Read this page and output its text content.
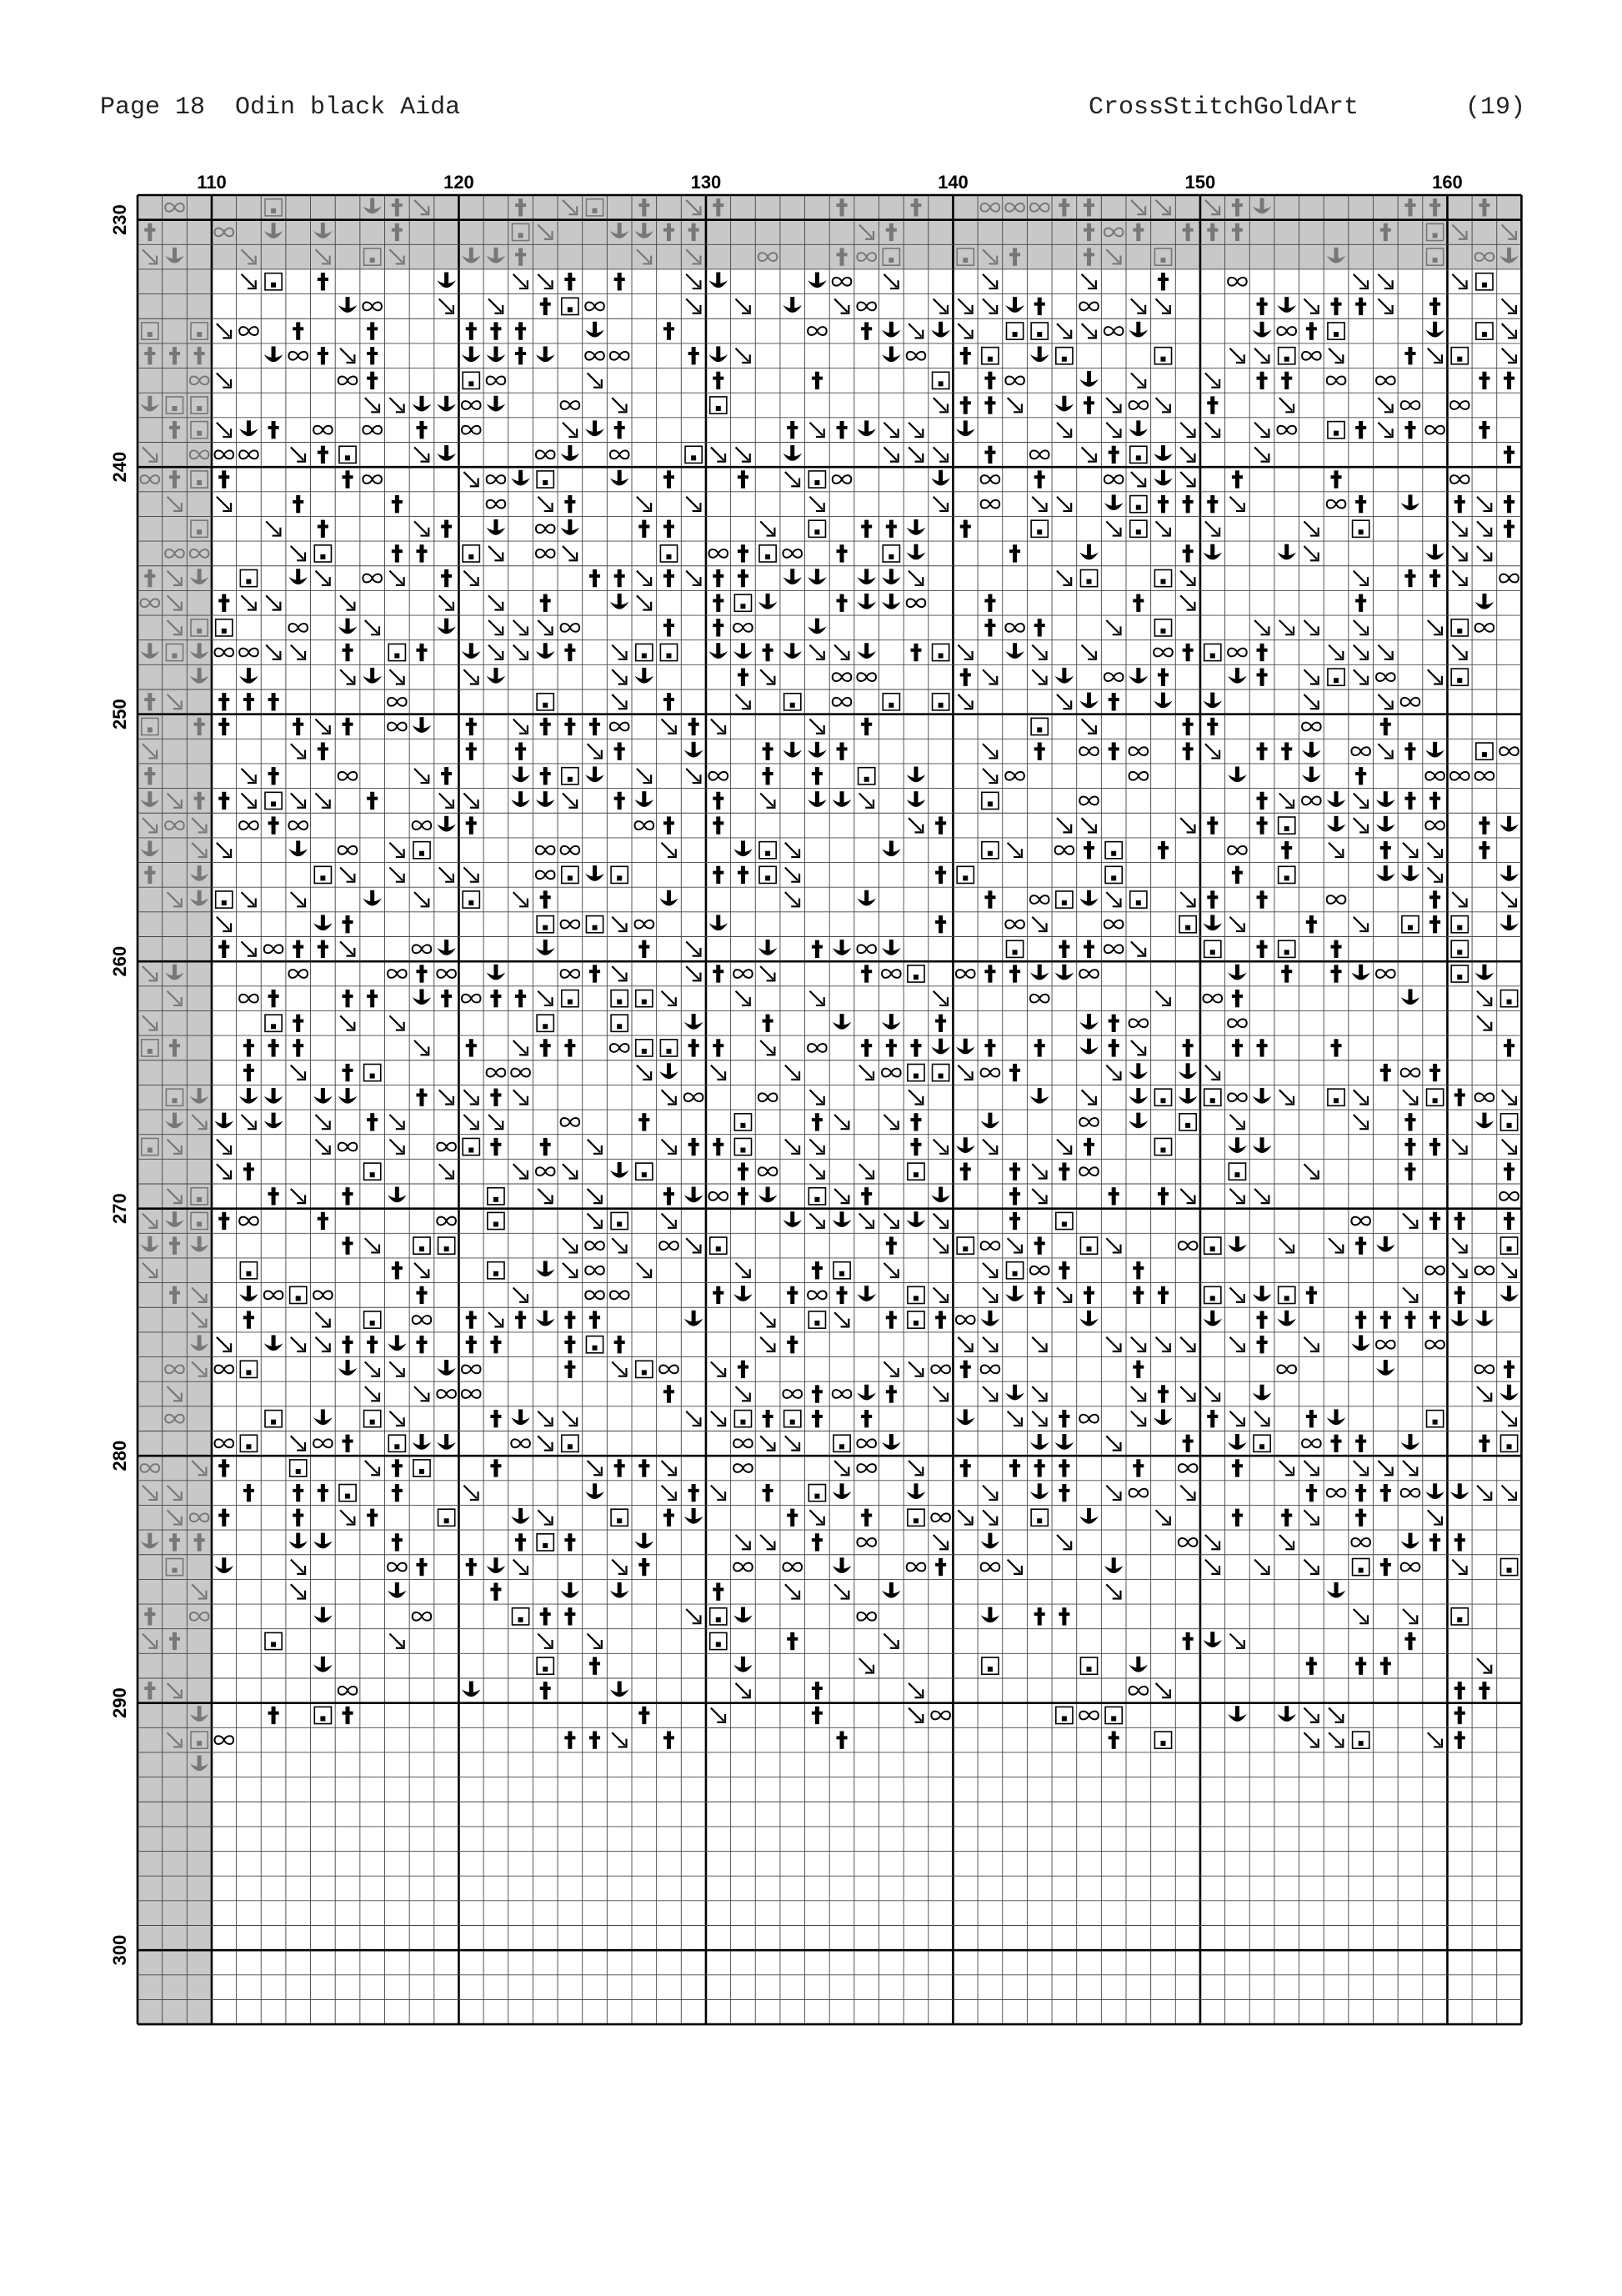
Page 18 Odin black Aida	CrossStitchGoldArt	(19)
110	120	130	140	150	160
230
240
250
260
270
280
290
300
